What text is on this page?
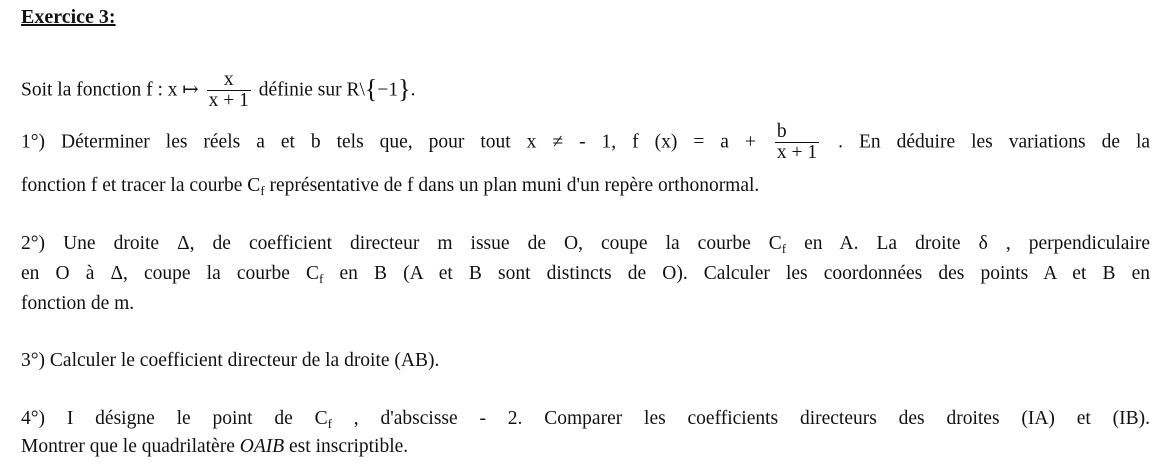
Exercice 3:
Soit la fonction f : x ↦ $\frac{x}{x + 1}$ définie sur R\{−1}.
1°) Déterminer les réels a et b tels que, pour tout x ≠ - 1, f $(x) = a + \frac{b}{x + 1}$ . En déduire les variations de la
fonction f et tracer la courbe $C_f$ représentative de f dans un plan muni d'un repère orthonormal.
2°) Une droite Δ, de coefficient directeur m issue de O, coupe la courbe $C_f$ en A. La droite δ , perpendiculaire
en O à Δ, coupe la courbe $C_f$ en B (A et B sont distincts de O). Calculer les coordonnées des points A et B en
fonction de m.
3°) Calculer le coefficient directeur de la droite (AB).
4°) I désigne le point de $C_f$ , d'abscisse - 2. Comparer les coefficients directeurs des droites (IA) et (IB).
Montrer que le quadrilatère OAIB est inscriptible.
